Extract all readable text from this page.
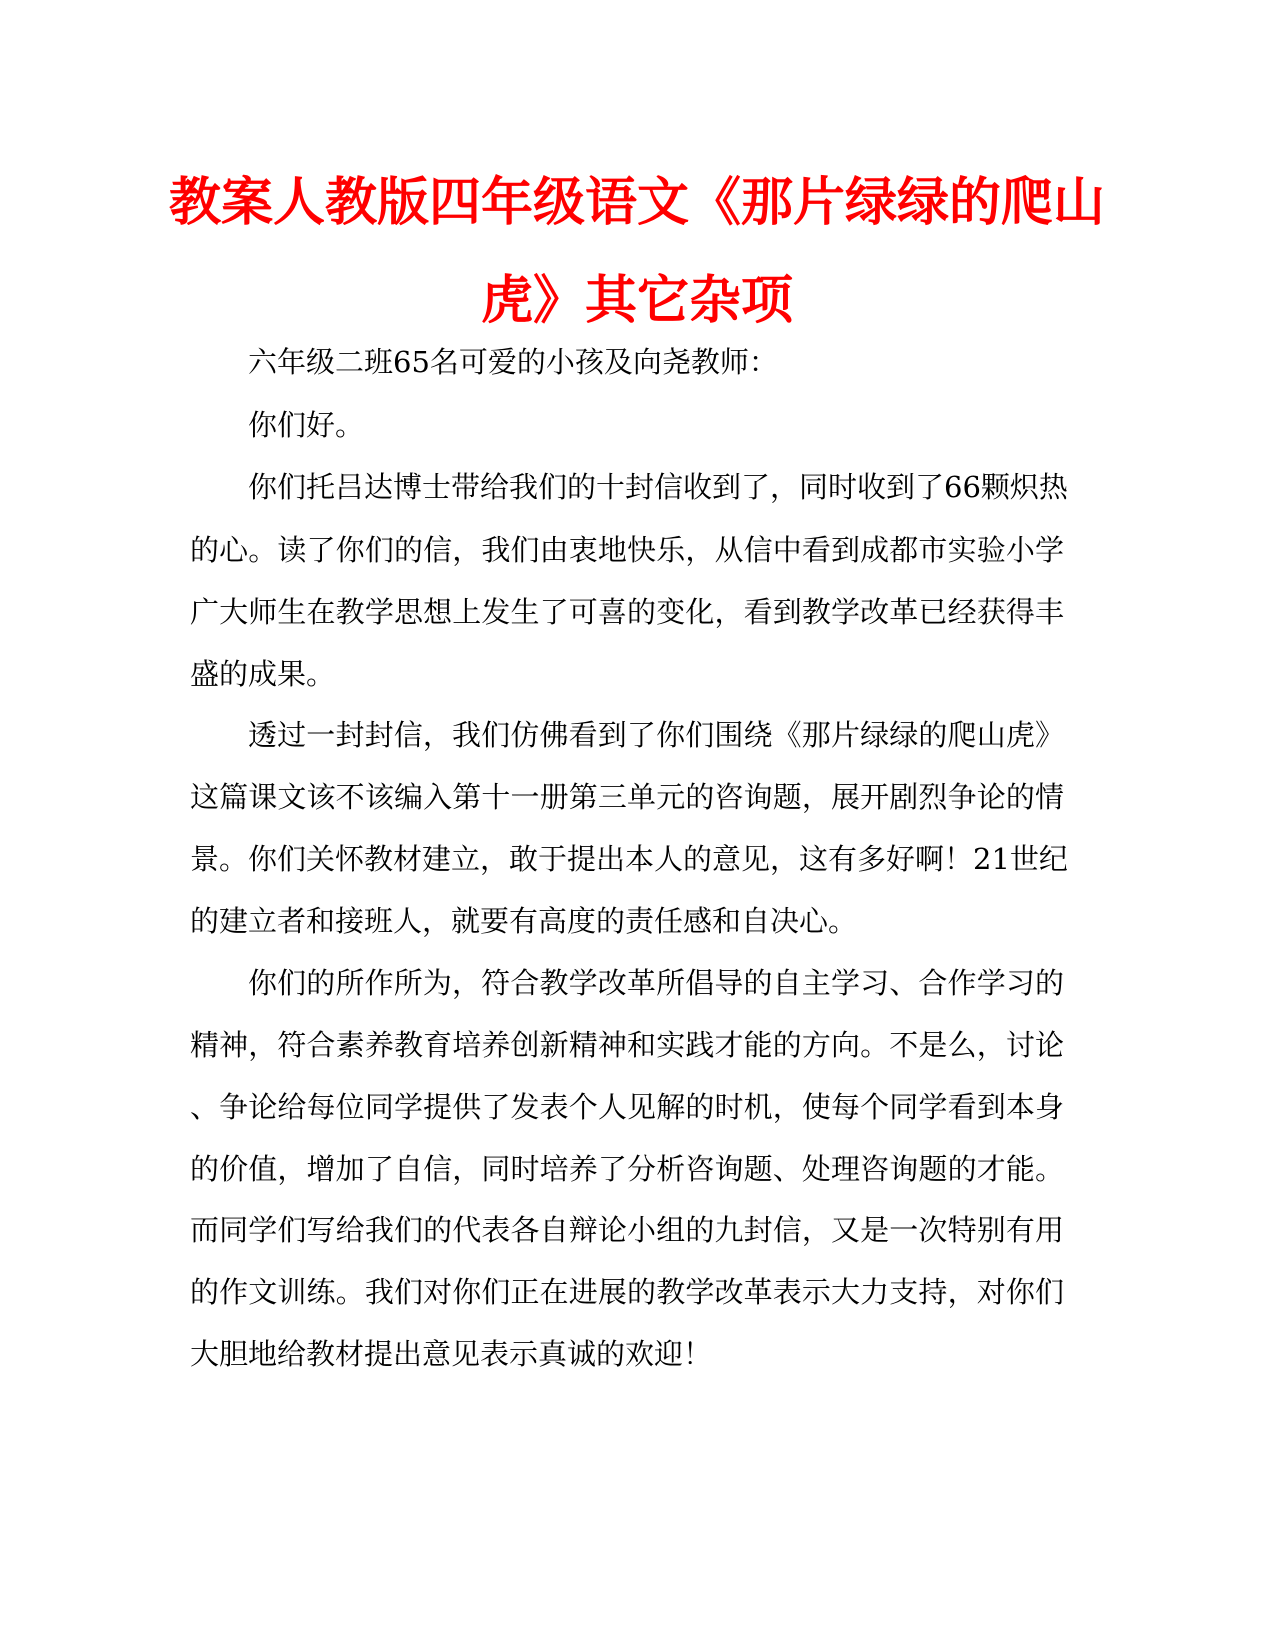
教案人教版四年级语文《那片绿绿的爬山
虎》其它杂项
六年级二班65名可爱的小孩及向尧教师：
你们好。
你们托吕达博士带给我们的十封信收到了，同时收到了66颗炽热
的心。读了你们的信，我们由衷地快乐，从信中看到成都市实验小学
广大师生在教学思想上发生了可喜的变化，看到教学改革已经获得丰
盛的成果。
透过一封封信，我们仿佛看到了你们围绕《那片绿绿的爬山虎》
这篇课文该不该编入第十一册第三单元的咨询题，展开剧烈争论的情
景。你们关怀教材建立，敢于提出本人的意见，这有多好啊！21世纪
的建立者和接班人，就要有高度的责任感和自决心。
你们的所作所为，符合教学改革所倡导的自主学习、合作学习的
精神，符合素养教育培养创新精神和实践才能的方向。不是么，讨论
、争论给每位同学提供了发表个人见解的时机，使每个同学看到本身
的价值，增加了自信，同时培养了分析咨询题、处理咨询题的才能。
而同学们写给我们的代表各自辩论小组的九封信，又是一次特别有用
的作文训练。我们对你们正在进展的教学改革表示大力支持，对你们
大胆地给教材提出意见表示真诚的欢迎！
